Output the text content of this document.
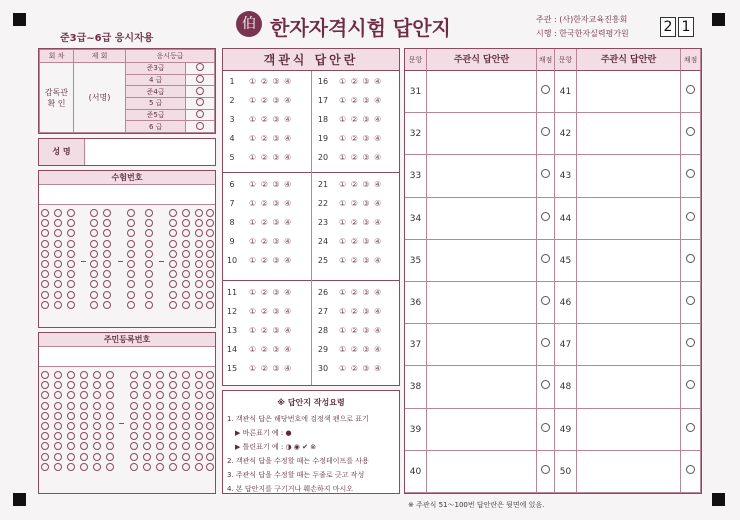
伯 한자자격시험 답안지
준3급~6급 응시자용
주관 : (사)한자교육진흥회
시행 : 한국한자실력평가원 2 1
회 차	제 회	응시등급	
감독관
확 인	(서명)	준3급	
		4 급	
		준4급	
		5 급	
		준5급	
		6 급	
성 명
수험번호
주민등록번호
객관식 답안란
1	① ② ③ ④	16	① ② ③ ④
2	① ② ③ ④	17	① ② ③ ④
3	① ② ③ ④	18	① ② ③ ④
4	① ② ③ ④	19	① ② ③ ④
5	① ② ③ ④	20	① ② ③ ④
6	① ② ③ ④	21	① ② ③ ④
7	① ② ③ ④	22	① ② ③ ④
8	① ② ③ ④	23	① ② ③ ④
9	① ② ③ ④	24	① ② ③ ④
10 ① ② ③ ④	25	① ② ③ ④
11 ① ② ③ ④	26	① ② ③ ④
12 ① ② ③ ④	27	① ② ③ ④
13 ① ② ③ ④	28	① ② ③ ④
14 ① ② ③ ④	29	① ② ③ ④
15 ① ② ③ ④	30	① ② ③ ④
※ 답안지 작성요령
1. 객관식 답은 해당번호에 검정색 펜으로 표기
▶ 바른표기 예 : ●
▶ 틀린표기 예 : ◑ ◉ ✔ ⊗
2. 객관식 답을 수정할 때는 수정테이프를 사용
3. 주관식 답을 수정할 때는 두줄로 긋고 작성
4. 본 답안지를 구기거나 훼손하지 마시오
문항	주관식 답안란	채점 문항	주관식 답안란	채점
31	41
32	42
33	43
34	44
35	45
36	46
37	47
38	48
39	49
40	50
※ 주관식 51～100번 답안란은 뒷면에 있음.
